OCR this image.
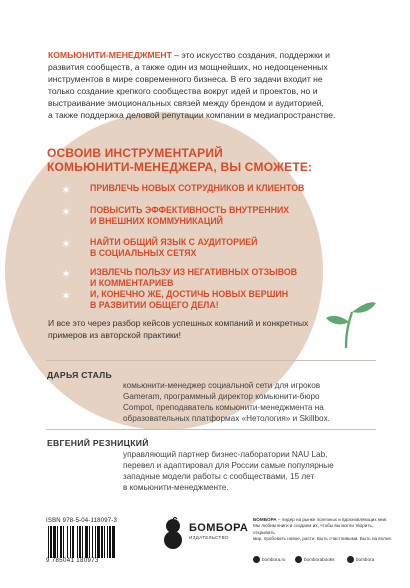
КОМЬЮНИТИ-МЕНЕДЖМЕНТ – это искусство создания, поддержки и
развития сообществ, а также один из мощнейших, но недооцененных
инструментов в мире современного бизнеса. В его задачи входит не
только создание крепкого сообщества вокруг идей и проектов, но и
выстраивание эмоциональных связей между брендом и аудиторией,
а также поддержка деловой репутации компании в медиапространстве.
ОСВОИВ ИНСТРУМЕНТАРИЙ
КОМЬЮНИТИ-МЕНЕДЖЕРА, ВЫ СМОЖЕТЕ:
✶ ПРИВЛЕЧЬ НОВЫХ СОТРУДНИКОВ И КЛИЕНТОВ
✶ ПОВЫСИТЬ ЭФФЕКТИВНОСТЬ ВНУТРЕННИХ
И ВНЕШНИХ КОММУНИКАЦИЙ
✶ НАЙТИ ОБЩИЙ ЯЗЫК С АУДИТОРИЕЙ
В СОЦИАЛЬНЫХ СЕТЯХ
✶ ИЗВЛЕЧЬ ПОЛЬЗУ ИЗ НЕГАТИВНЫХ ОТЗЫВОВ
И КОММЕНТАРИЕВ
✶ И, КОНЕЧНО ЖЕ, ДОСТИЧЬ НОВЫХ ВЕРШИН
В РАЗВИТИИ ОБЩЕГО ДЕЛА!
И все это через разбор кейсов успешных компаний и конкретных
примеров из авторской практики!
ДАРЬЯ СТАЛЬ
комьюнити-менеджер социальной сети для игроков
Gameram, программный директор комьюнити-бюро
Compot, преподаватель комьюнити-менеджмента на
образовательных платформах «Нетология» и Skillbox.
ЕВГЕНИЙ РЕЗНИЦКИЙ
управляющий партнер бизнес-лаборатории NAU Lab,
перевел и адаптировал для России самые популярные
западные модели работы с сообществами, 15 лет
в комьюнити-менеджменте.
ISBN 978-5-04-118097-3
9 785041 180973
БОМБОРА
ИЗДАТЕЛЬСТВО
БОМБОРА – лидер на рынке полезных и вдохновляющих книг.
Мы любим книги и создаем их, чтобы вы могли творить, открывать
мир, пробовать новое, расти. Быть счастливыми. Быть на волне.
bombora.ru	bomborabooks	bombora
